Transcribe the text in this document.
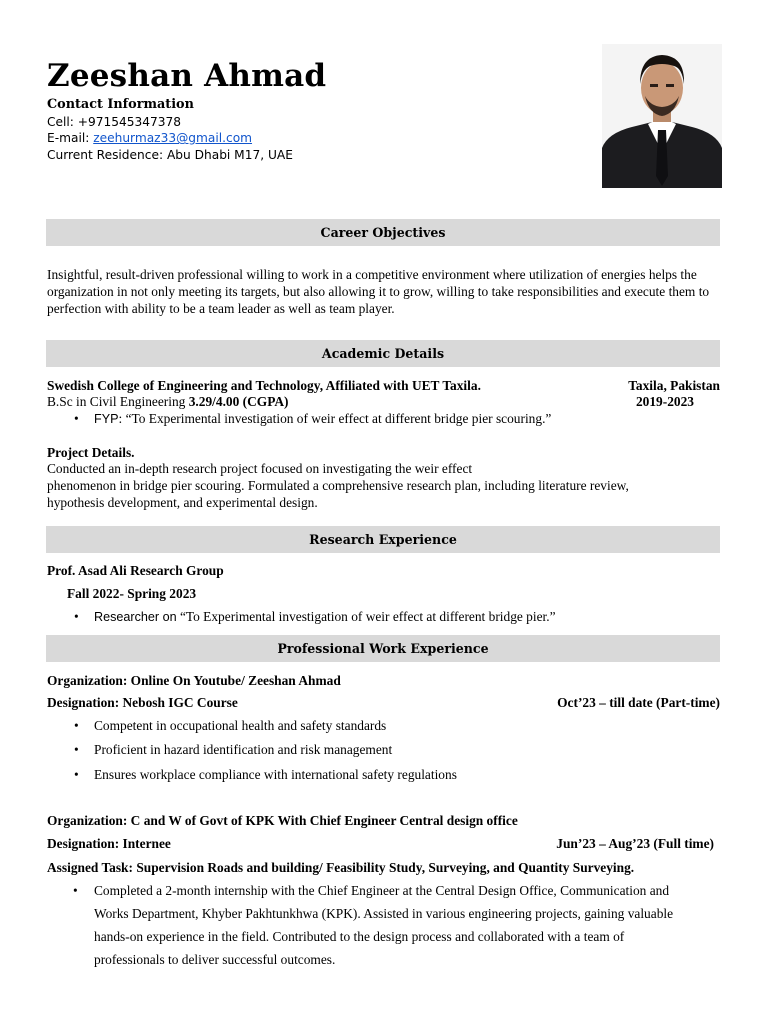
Zeeshan Ahmad
Contact Information
Cell: +971545347378
E-mail: zeehurmaz33@gmail.com
Current Residence: Abu Dhabi M17, UAE
Career Objectives
Insightful, result-driven professional willing to work in a competitive environment where utilization of energies helps the organization in not only meeting its targets, but also allowing it to grow, willing to take responsibilities and execute them to perfection with ability to be a team leader as well as team player.
Academic Details
Swedish College of Engineering and Technology, Affiliated with UET Taxila.	Taxila, Pakistan
B.Sc in Civil Engineering 3.29/4.00 (CGPA)	2019-2023
• FYP: “To Experimental investigation of weir effect at different bridge pier scouring.”
Project Details.
Conducted an in-depth research project focused on investigating the weir effect
phenomenon in bridge pier scouring. Formulated a comprehensive research plan, including literature review,
hypothesis development, and experimental design.
Research Experience
Prof. Asad Ali Research Group
Fall 2022- Spring 2023
• Researcher on “To Experimental investigation of weir effect at different bridge pier.”
Professional Work Experience
Organization: Online On Youtube/ Zeeshan Ahmad
Designation: Nebosh IGC Course	Oct’23 – till date (Part-time)
• Competent in occupational health and safety standards
• Proficient in hazard identification and risk management
• Ensures workplace compliance with international safety regulations
Organization: C and W of Govt of KPK With Chief Engineer Central design office
Designation: Internee	Jun’23 – Aug’23 (Full time)
Assigned Task: Supervision Roads and building/ Feasibility Study, Surveying, and Quantity Surveying.
• Completed a 2-month internship with the Chief Engineer at the Central Design Office, Communication and
Works Department, Khyber Pakhtunkhwa (KPK). Assisted in various engineering projects, gaining valuable
hands-on experience in the field. Contributed to the design process and collaborated with a team of
professionals to deliver successful outcomes.
